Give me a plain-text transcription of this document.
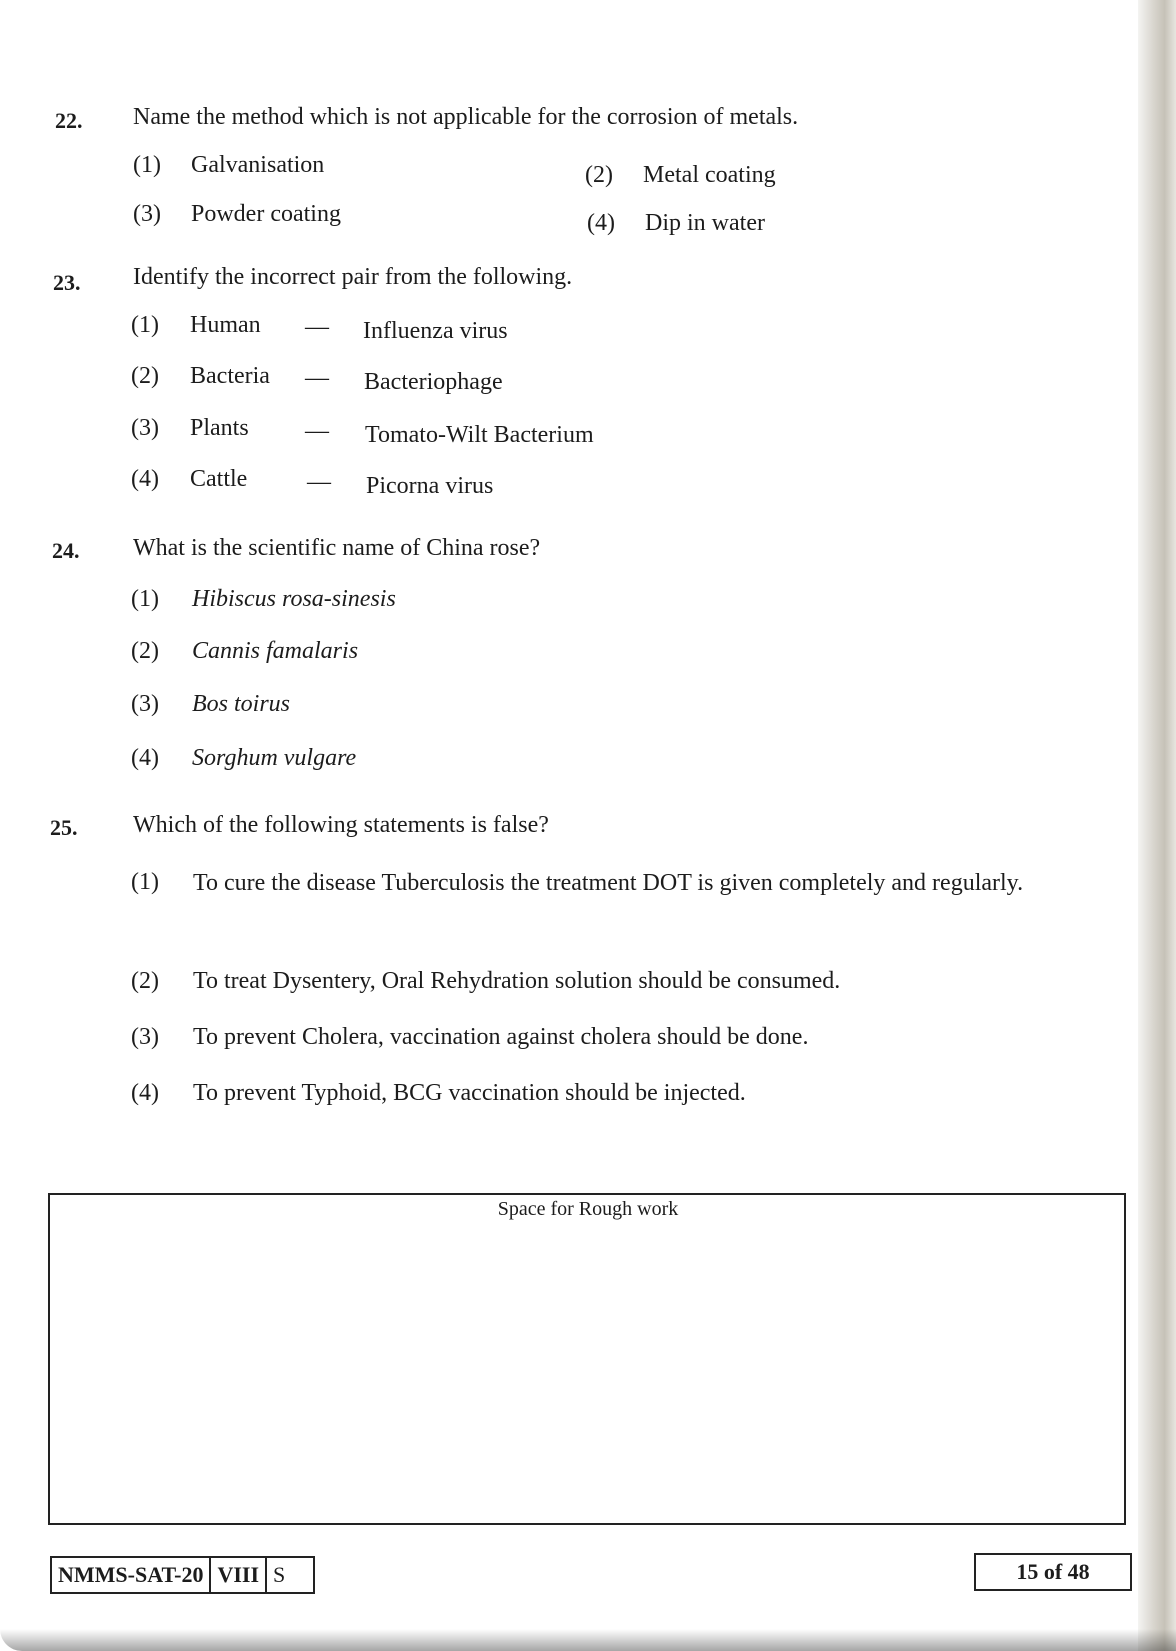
22. Name the method which is not applicable for the corrosion of metals.
(1) Galvanisation	(2) Metal coating
(3) Powder coating	(4) Dip in water
23. Identify the incorrect pair from the following.
(1) Human — Influenza virus
(2) Bacteria — Bacteriophage
(3) Plants — Tomato-Wilt Bacterium
(4) Cattle — Picorna virus
24. What is the scientific name of China rose?
(1) Hibiscus rosa-sinesis
(2) Cannis famalaris
(3) Bos toirus
(4) Sorghum vulgare
25. Which of the following statements is false?
(1) To cure the disease Tuberculosis the treatment DOT is given completely and regularly.
(2) To treat Dysentery, Oral Rehydration solution should be consumed.
(3) To prevent Cholera, vaccination against cholera should be done.
(4) To prevent Typhoid, BCG vaccination should be injected.
Space for Rough work
NMMS-SAT-20 VIII S	15 of 48
